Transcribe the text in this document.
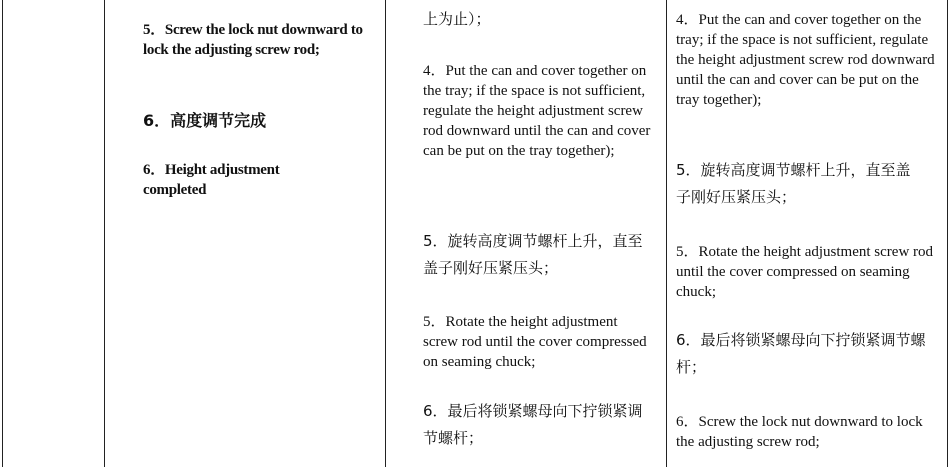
5．Screw the lock nut downward to lock the adjusting screw rod;

6．高度调节完成

6．Height adjustment completed

上为止）；

4．Put the can and cover together on the tray; if the space is not sufficient, regulate the height adjustment screw rod downward until the can and cover can be put on the tray together);

5．旋转高度调节螺杆上升，直至盖子刚好压紧压头；

5．Rotate the height adjustment screw rod until the cover compressed on seaming chuck;

6．最后将锁紧螺母向下拧锁紧调节螺杆；

4．Put the can and cover together on the tray; if the space is not sufficient, regulate the height adjustment screw rod downward until the can and cover can be put on the tray together);

5．旋转高度调节螺杆上升，直至盖子刚好压紧压头；

5．Rotate the height adjustment screw rod until the cover compressed on seaming chuck;

6．最后将锁紧螺母向下拧锁紧调节螺杆；

6．Screw the lock nut downward to lock the adjusting screw rod;
